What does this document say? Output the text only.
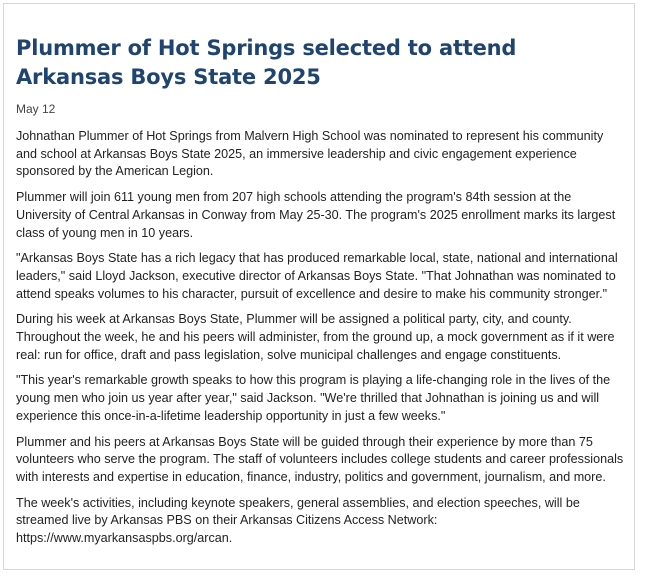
Plummer of Hot Springs selected to attend Arkansas Boys State 2025
May 12

Johnathan Plummer of Hot Springs from Malvern High School was nominated to represent his community and school at Arkansas Boys State 2025, an immersive leadership and civic engagement experience sponsored by the American Legion.

Plummer will join 611 young men from 207 high schools attending the program's 84th session at the University of Central Arkansas in Conway from May 25-30. The program's 2025 enrollment marks its largest class of young men in 10 years.

"Arkansas Boys State has a rich legacy that has produced remarkable local, state, national and international leaders," said Lloyd Jackson, executive director of Arkansas Boys State. "That Johnathan was nominated to attend speaks volumes to his character, pursuit of excellence and desire to make his community stronger."

During his week at Arkansas Boys State, Plummer will be assigned a political party, city, and county. Throughout the week, he and his peers will administer, from the ground up, a mock government as if it were real: run for office, draft and pass legislation, solve municipal challenges and engage constituents.

"This year's remarkable growth speaks to how this program is playing a life-changing role in the lives of the young men who join us year after year," said Jackson. "We're thrilled that Johnathan is joining us and will experience this once-in-a-lifetime leadership opportunity in just a few weeks."

Plummer and his peers at Arkansas Boys State will be guided through their experience by more than 75 volunteers who serve the program. The staff of volunteers includes college students and career professionals with interests and expertise in education, finance, industry, politics and government, journalism, and more.

The week's activities, including keynote speakers, general assemblies, and election speeches, will be streamed live by Arkansas PBS on their Arkansas Citizens Access Network: https://www.myarkansaspbs.org/arcan.
